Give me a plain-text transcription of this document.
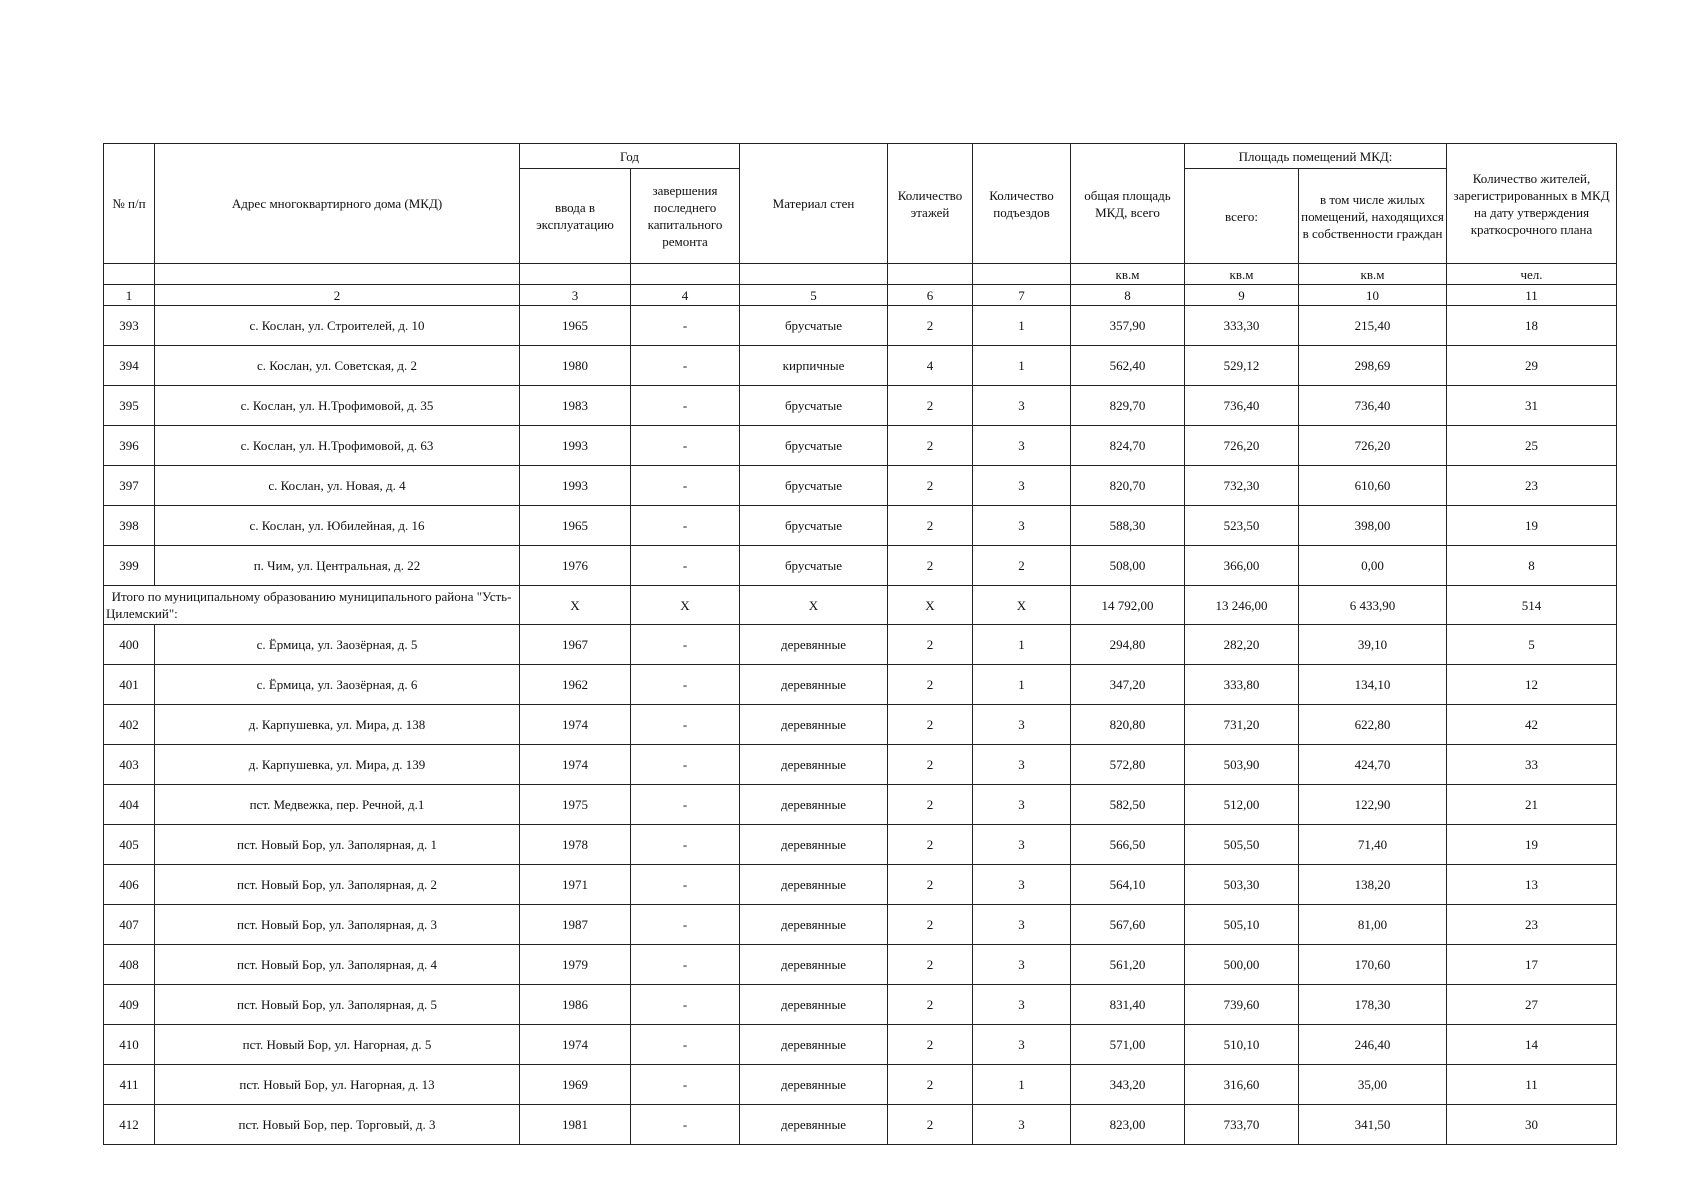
№ п/п	Адрес многоквартирного дома (МКД)	Год		Материал стен	Количество этажей	Количество подъездов	общая площадь МКД, всего	Площадь помещений МКД:		Количество жителей, зарегистрированных в МКД на дату утверждения краткосрочного плана
		ввода в эксплуатацию	завершения последнего капитального ремонта					всего:	в том числе жилых помещений, находящихся в собственности граждан	
							кв.м	кв.м	кв.м	чел.
1	2	3	4	5	6	7	8	9	10	11
393	с. Кослан, ул. Строителей, д. 10	1965	-	брусчатые	2	1	357,90	333,30	215,40	18
394	с. Кослан, ул. Советская, д. 2	1980	-	кирпичные	4	1	562,40	529,12	298,69	29
395	с. Кослан, ул. Н.Трофимовой, д. 35	1983	-	брусчатые	2	3	829,70	736,40	736,40	31
396	с. Кослан, ул. Н.Трофимовой, д. 63	1993	-	брусчатые	2	3	824,70	726,20	726,20	25
397	с. Кослан, ул. Новая, д. 4	1993	-	брусчатые	2	3	820,70	732,30	610,60	23
398	с. Кослан, ул. Юбилейная, д. 16	1965	-	брусчатые	2	3	588,30	523,50	398,00	19
399	п. Чим, ул. Центральная, д. 22	1976	-	брусчатые	2	2	508,00	366,00	0,00	8
Итого по муниципальному образованию муниципального района "Усть-Цилемский":		X	X	X	X	X	14 792,00	13 246,00	6 433,90	514
400	с. Ёрмица, ул. Заозёрная, д. 5	1967	-	деревянные	2	1	294,80	282,20	39,10	5
401	с. Ёрмица, ул. Заозёрная, д. 6	1962	-	деревянные	2	1	347,20	333,80	134,10	12
402	д. Карпушевка, ул. Мира, д. 138	1974	-	деревянные	2	3	820,80	731,20	622,80	42
403	д. Карпушевка, ул. Мира, д. 139	1974	-	деревянные	2	3	572,80	503,90	424,70	33
404	пст. Медвежка, пер. Речной, д.1	1975	-	деревянные	2	3	582,50	512,00	122,90	21
405	пст. Новый Бор, ул. Заполярная, д. 1	1978	-	деревянные	2	3	566,50	505,50	71,40	19
406	пст. Новый Бор, ул. Заполярная, д. 2	1971	-	деревянные	2	3	564,10	503,30	138,20	13
407	пст. Новый Бор, ул. Заполярная, д. 3	1987	-	деревянные	2	3	567,60	505,10	81,00	23
408	пст. Новый Бор, ул. Заполярная, д. 4	1979	-	деревянные	2	3	561,20	500,00	170,60	17
409	пст. Новый Бор, ул. Заполярная, д. 5	1986	-	деревянные	2	3	831,40	739,60	178,30	27
410	пст. Новый Бор, ул. Нагорная, д. 5	1974	-	деревянные	2	3	571,00	510,10	246,40	14
411	пст. Новый Бор, ул. Нагорная, д. 13	1969	-	деревянные	2	1	343,20	316,60	35,00	11
412	пст. Новый Бор, пер. Торговый, д. 3	1981	-	деревянные	2	3	823,00	733,70	341,50	30
